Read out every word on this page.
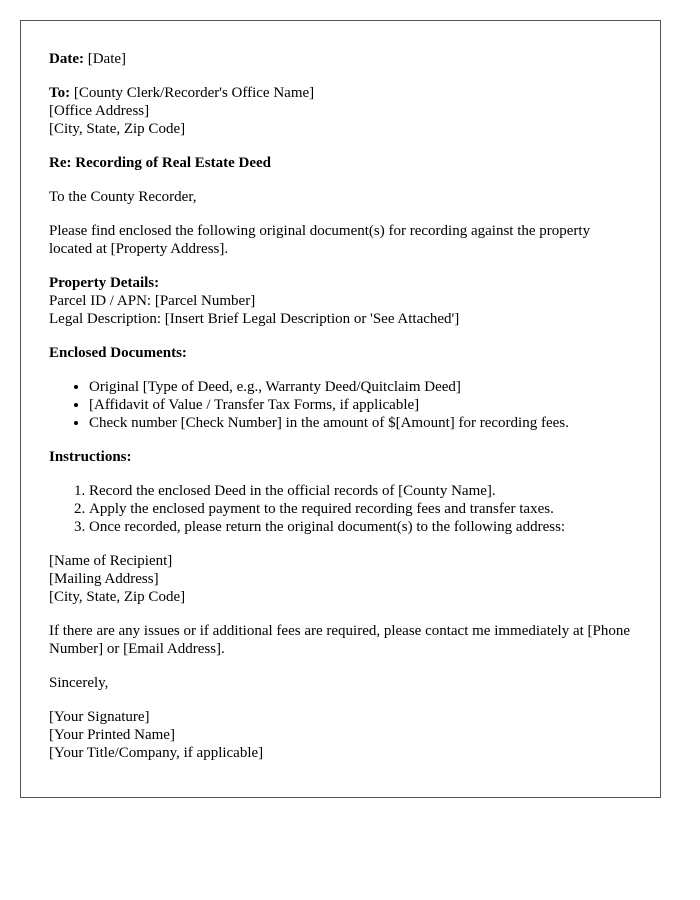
Date: [Date]

To: [County Clerk/Recorder's Office Name]
[Office Address]
[City, State, Zip Code]

Re: Recording of Real Estate Deed

To the County Recorder,

Please find enclosed the following original document(s) for recording against the property located at [Property Address].

Property Details:
Parcel ID / APN: [Parcel Number]
Legal Description: [Insert Brief Legal Description or 'See Attached']

Enclosed Documents:

• Original [Type of Deed, e.g., Warranty Deed/Quitclaim Deed]
• [Affidavit of Value / Transfer Tax Forms, if applicable]
• Check number [Check Number] in the amount of $[Amount] for recording fees.

Instructions:

1. Record the enclosed Deed in the official records of [County Name].
2. Apply the enclosed payment to the required recording fees and transfer taxes.
3. Once recorded, please return the original document(s) to the following address:

[Name of Recipient]
[Mailing Address]
[City, State, Zip Code]

If there are any issues or if additional fees are required, please contact me immediately at [Phone Number] or [Email Address].

Sincerely,

[Your Signature]
[Your Printed Name]
[Your Title/Company, if applicable]
